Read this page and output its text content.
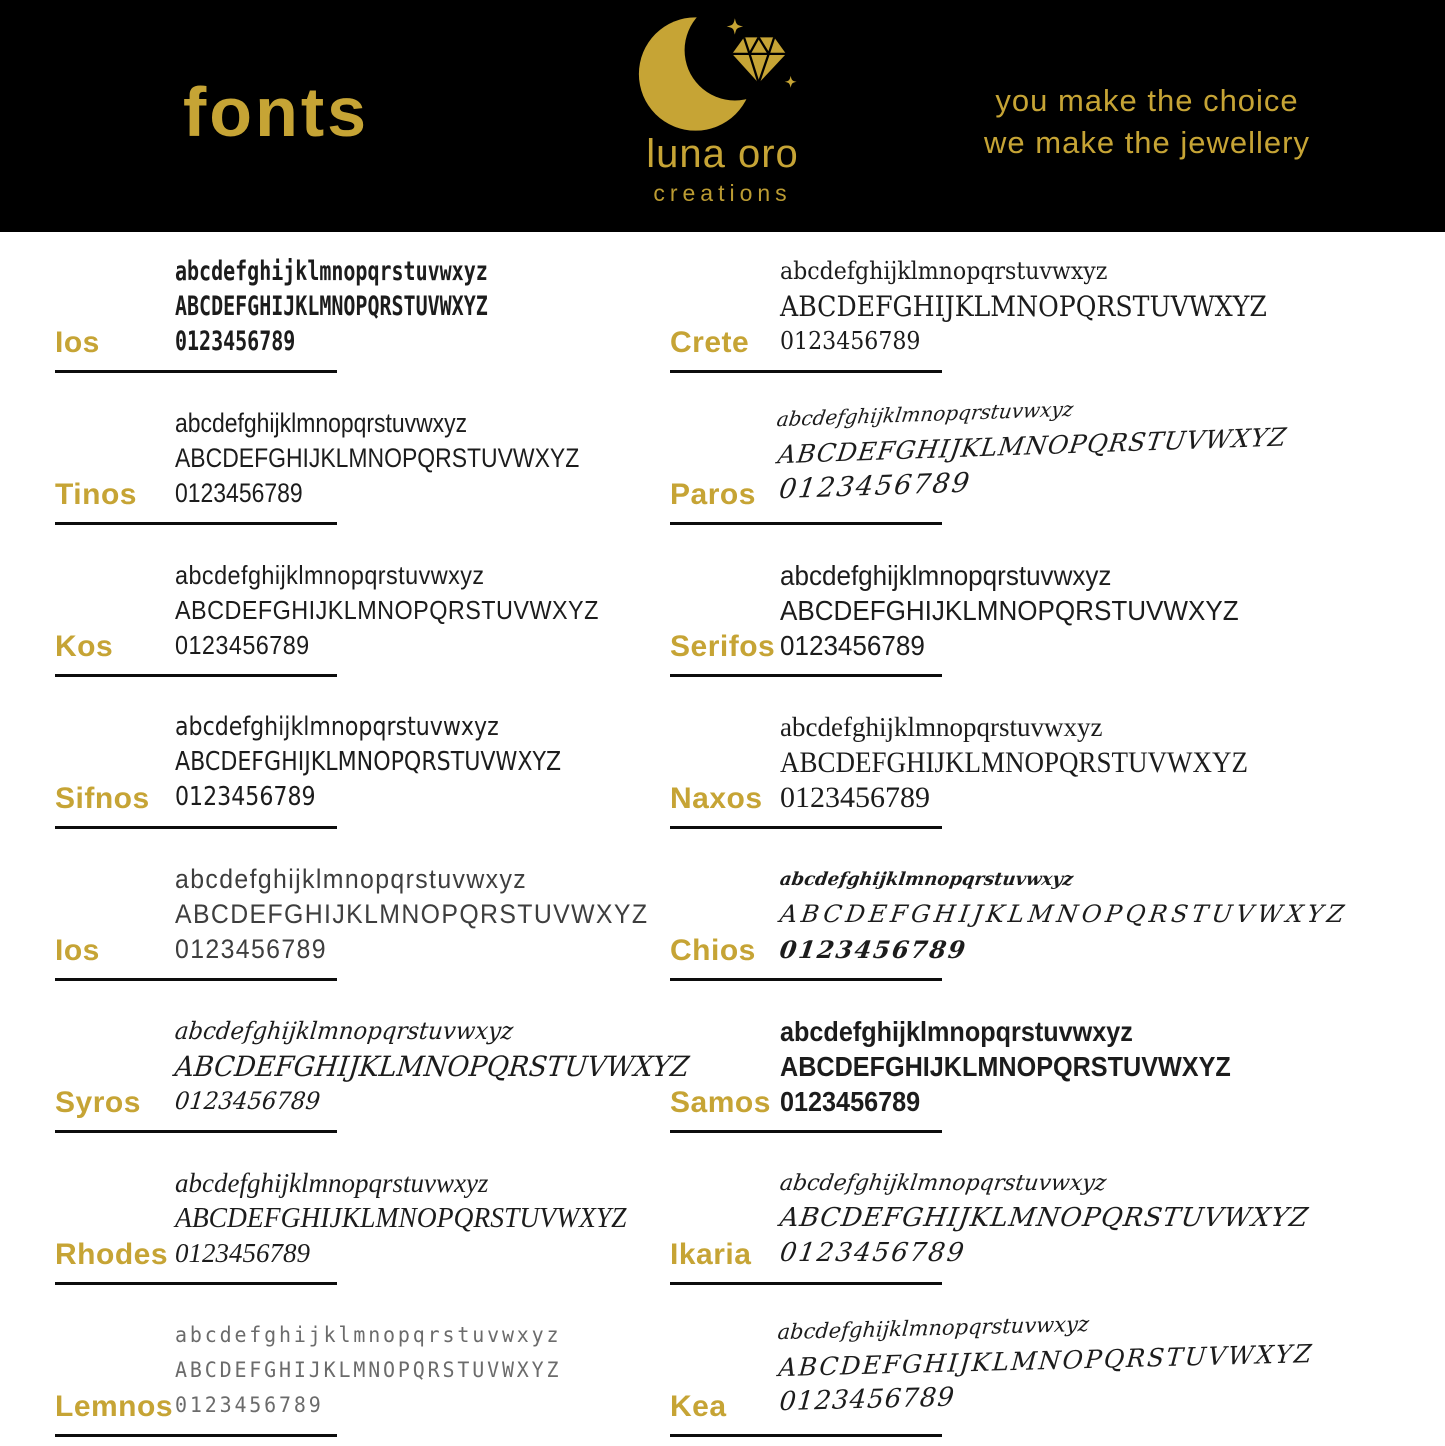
fonts
luna oro
creations
you make the choice
we make the jewellery

abcdefghijklmnopqrstuvwxyz

ABCDEFGHIJKLMNOPQRSTUVWXYZ

0123456789

Ios

abcdefghijklmnopqrstuvwxyz

ABCDEFGHIJKLMNOPQRSTUVWXYZ

0123456789

Tinos

abcdefghijklmnopqrstuvwxyz

ABCDEFGHIJKLMNOPQRSTUVWXYZ

0123456789

Kos

abcdefghijklmnopqrstuvwxyz

ABCDEFGHIJKLMNOPQRSTUVWXYZ

0123456789

Sifnos

abcdefghijklmnopqrstuvwxyz

ABCDEFGHIJKLMNOPQRSTUVWXYZ

0123456789

Ios

abcdefghijklmnopqrstuvwxyz

ABCDEFGHIJKLMNOPQRSTUVWXYZ

0123456789

Syros

abcdefghijklmnopqrstuvwxyz

ABCDEFGHIJKLMNOPQRSTUVWXYZ

0123456789

Rhodes

abcdefghijklmnopqrstuvwxyz

ABCDEFGHIJKLMNOPQRSTUVWXYZ

0123456789

Lemnos

abcdefghijklmnopqrstuvwxyz

ABCDEFGHIJKLMNOPQRSTUVWXYZ

0123456789

Crete

abcdefghijklmnopqrstuvwxyz

ABCDEFGHIJKLMNOPQRSTUVWXYZ

0123456789

Paros

abcdefghijklmnopqrstuvwxyz

ABCDEFGHIJKLMNOPQRSTUVWXYZ

0123456789

Serifos

abcdefghijklmnopqrstuvwxyz

ABCDEFGHIJKLMNOPQRSTUVWXYZ

0123456789

Naxos

abcdefghijklmnopqrstuvwxyz

ABCDEFGHIJKLMNOPQRSTUVWXYZ

0123456789

Chios

abcdefghijklmnopqrstuvwxyz

ABCDEFGHIJKLMNOPQRSTUVWXYZ

0123456789

Samos

abcdefghijklmnopqrstuvwxyz

ABCDEFGHIJKLMNOPQRSTUVWXYZ

0123456789

Ikaria

abcdefghijklmnopqrstuvwxyz

ABCDEFGHIJKLMNOPQRSTUVWXYZ

0123456789

Kea
